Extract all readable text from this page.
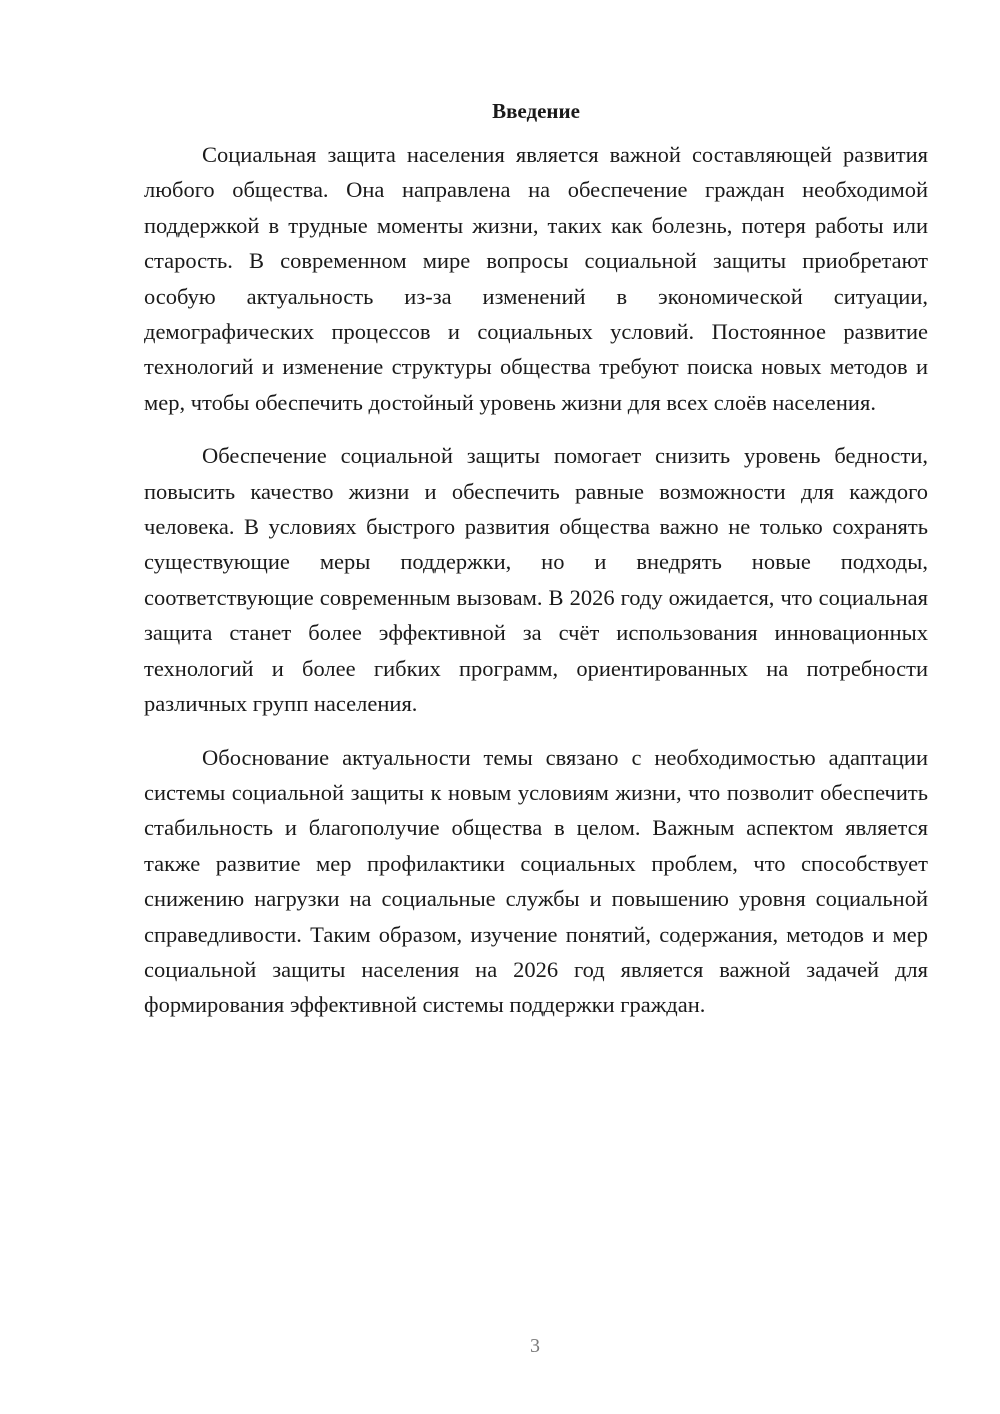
Введение

Социальная защита населения является важной составляющей развития любого общества. Она направлена на обеспечение граждан необходимой поддержкой в трудные моменты жизни, таких как болезнь, потеря работы или старость. В современном мире вопросы социальной защиты приобретают особую актуальность из-за изменений в экономической ситуации, демографических процессов и социальных условий. Постоянное развитие технологий и изменение структуры общества требуют поиска новых методов и мер, чтобы обеспечить достойный уровень жизни для всех слоёв населения.

Обеспечение социальной защиты помогает снизить уровень бедности, повысить качество жизни и обеспечить равные возможности для каждого человека. В условиях быстрого развития общества важно не только сохранять существующие меры поддержки, но и внедрять новые подходы, соответствующие современным вызовам. В 2026 году ожидается, что социальная защита станет более эффективной за счёт использования инновационных технологий и более гибких программ, ориентированных на потребности различных групп населения.

Обоснование актуальности темы связано с необходимостью адаптации системы социальной защиты к новым условиям жизни, что позволит обеспечить стабильность и благополучие общества в целом. Важным аспектом является также развитие мер профилактики социальных проблем, что способствует снижению нагрузки на социальные службы и повышению уровня социальной справедливости. Таким образом, изучение понятий, содержания, методов и мер социальной защиты населения на 2026 год является важной задачей для формирования эффективной системы поддержки граждан.

3
